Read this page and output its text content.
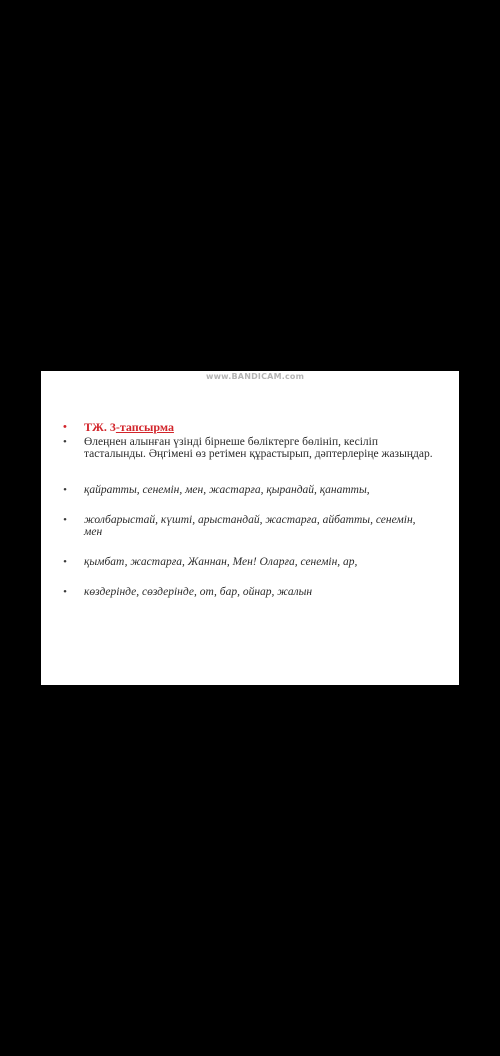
www.BANDICAM.com
• ТЖ. 3-тапсырма
• Өлеңнен алынған үзінді бірнеше бөліктерге бөлініп, кесіліп тасталынды. Әңгімені өз ретімен құрастырып, дәптерлеріңе жазыңдар.
• қайратты, сенемін, мен, жастарға, қырандай, қанатты,
• жолбарыстай, күшті, арыстандай, жастарға, айбатты, сенемін, мен
• қымбат, жастарға, Жаннан, Мен! Оларға, сенемін, ар,
• көздерінде, сөздерінде, от, бар, ойнар, жалын
